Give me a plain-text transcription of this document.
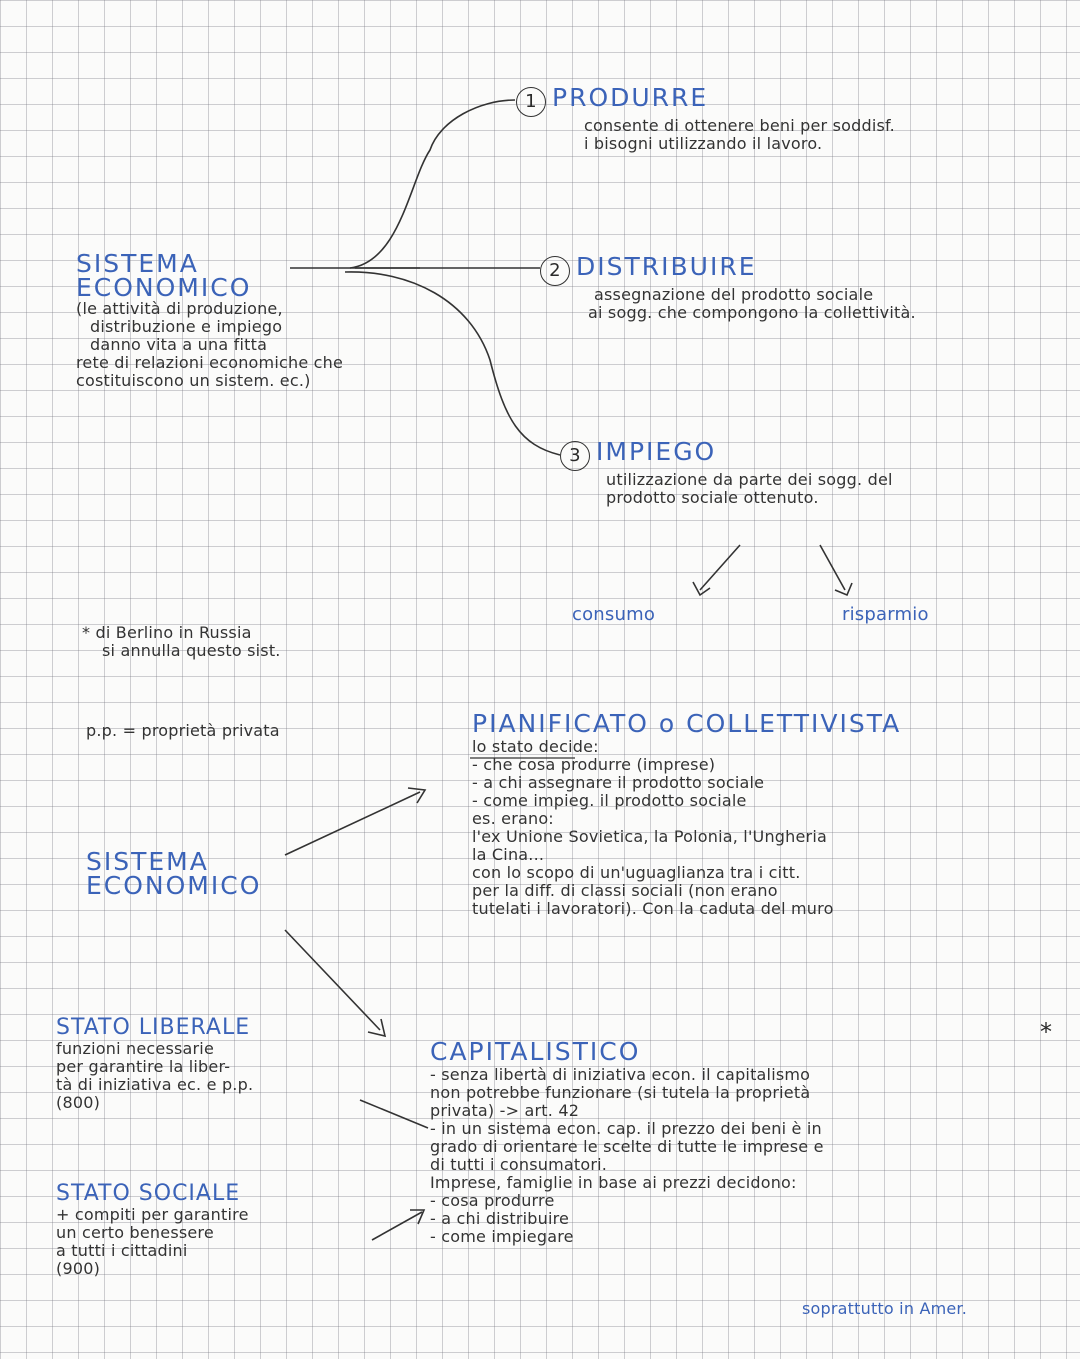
SISTEMA
ECONOMICO
(le attività di produzione,
distribuzione e impiego
danno vita a una fitta
rete di relazioni economiche che
costituiscono un sistem. ec.)
1 PRODURRE
consente di ottenere beni per soddisf.
i bisogni utilizzando il lavoro.
2 DISTRIBUIRE
assegnazione del prodotto sociale
ai sogg. che compongono la collettività.
3 IMPIEGO
utilizzazione da parte dei sogg. del
prodotto sociale ottenuto.
consumo	risparmio
* di Berlino in Russia
si annulla questo sist.
p.p. = proprietà privata
SISTEMA
ECONOMICO
PIANIFICATO o COLLETTIVISTA
lo stato decide:
- che cosa produrre (imprese)
- a chi assegnare il prodotto sociale
- come impieg. il prodotto sociale
es. erano:
l'ex Unione Sovietica, la Polonia, l'Ungheria
la Cina...
con lo scopo di un'uguaglianza tra i citt.
per la diff. di classi sociali (non erano
tutelati i lavoratori). Con la caduta del muro
*
CAPITALISTICO
- senza libertà di iniziativa econ. il capitalismo
non potrebbe funzionare (si tutela la proprietà
privata) -> art. 42
- in un sistema econ. cap. il prezzo dei beni è in
grado di orientare le scelte di tutte le imprese e
di tutti i consumatori.
Imprese, famiglie in base ai prezzi decidono:
- cosa produrre
- a chi distribuire
- come impiegare
soprattutto in Amer.
STATO LIBERALE
funzioni necessarie
per garantire la liber-
tà di iniziativa ec. e p.p.
(800)
STATO SOCIALE
+ compiti per garantire
un certo benessere
a tutti i cittadini
(900)
